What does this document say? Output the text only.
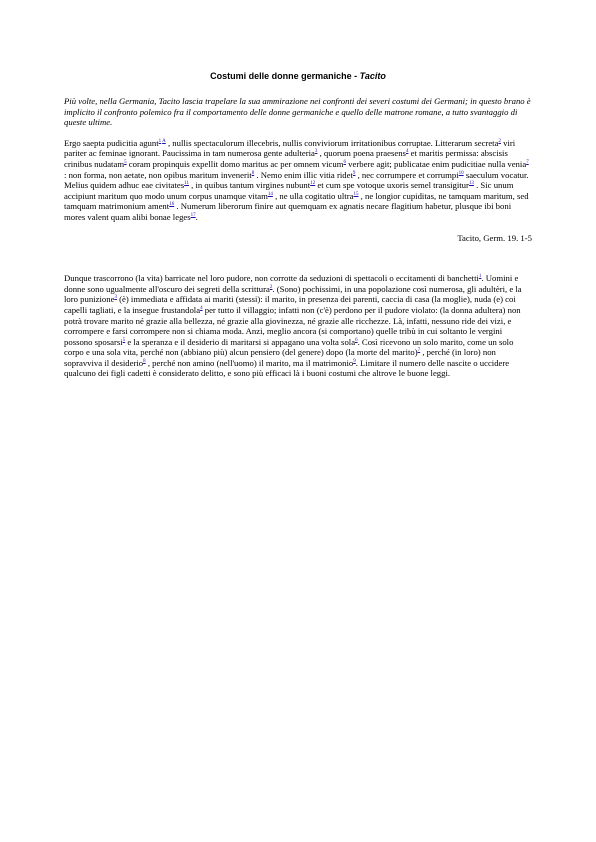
Costumi delle donne germaniche - Tacito

Più volte, nella Germania, Tacito lascia trapelare la sua ammirazione nei confronti dei severi costumi dei Germani; in questo brano è implicito il confronto polemico fra il comportamento delle donne germaniche e quello delle matrone romane, a tutto svantaggio di queste ultime.

Ergo saepta pudicitia agunt$^{1 A}$ , nullis spectaculorum illecebris, nullis conviviorum irritationibus corruptae. Litterarum secreta$^2$ viri pariter ac feminae ignorant. Paucissima in tam numerosa gente adulteria$^3$ , quorum poena praesens$^4$ et maritis permissa: abscisis crinibus nudatam$^5$ coram propinquis expellit domo maritus ac per omnem vicum$^6$ verbere agit; publicatae enim pudicitiae nulla venia$^7$ : non forma, non aetate, non opibus maritum invenerit$^8$ . Nemo enim illic vitia ridet$^9$ , nec corrumpere et corrumpi$^{10}$ saeculum vocatur. Melius quidem adhuc eae civitates$^{11}$ , in quibus tantum virgines nubunt$^{12}$ et cum spe votoque uxoris semel transigitur$^{13}$ . Sic unum accipiunt maritum quo modo unum corpus unamque vitam$^{14}$ , ne ulla cogitatio ultra$^{15}$ , ne longior cupiditas, ne tamquam maritum, sed tamquam matrimonium ament$^{16}$ . Numerum liberorum finire aut quemquam ex agnatis necare flagitium habetur, plusque ibi boni mores valent quam alibi bonae leges$^{17}$.

Tacito, Germ. 19. 1-5

Dunque trascorrono (la vita) barricate nel loro pudore, non corrotte da seduzioni di spettacoli o eccitamenti di banchetti$^1$. Uomini e donne sono ugualmente all'oscuro dei segreti della scrittura$^2$. (Sono) pochissimi, in una popolazione così numerosa, gli adultèri, e la loro punizione$^3$ (è) immediata e affidata ai mariti (stessi): il marito, in presenza dei parenti, caccia di casa (la moglie), nuda (e) coi capelli tagliati, e la insegue frustandola$^4$ per tutto il villaggio; infatti non (c'è) perdono per il pudore violato: (la donna adultera) non potrà trovare marito né grazie alla bellezza, né grazie alla giovinezza, né grazie alle ricchezze. Là, infatti, nessuno ride dei vizi, e corrompere e farsi corrompere non si chiama moda. Anzi, meglio ancora (si comportano) quelle tribù in cui soltanto le vergini possono sposarsi$^5$ e la speranza e il desiderio di maritarsi si appagano una volta sola$^6$. Così ricevono un solo marito, come un solo corpo e una sola vita, perché non (abbiano più) alcun pensiero (del genere) dopo (la morte del marito)$^7$ , perché (in loro) non sopravviva il desiderio$^8$ , perché non amino (nell'uomo) il marito, ma il matrimonio$^9$. Limitare il numero delle nascite o uccidere qualcuno dei figli cadetti è considerato delitto, e sono più efficaci là i buoni costumi che altrove le buone leggi.
